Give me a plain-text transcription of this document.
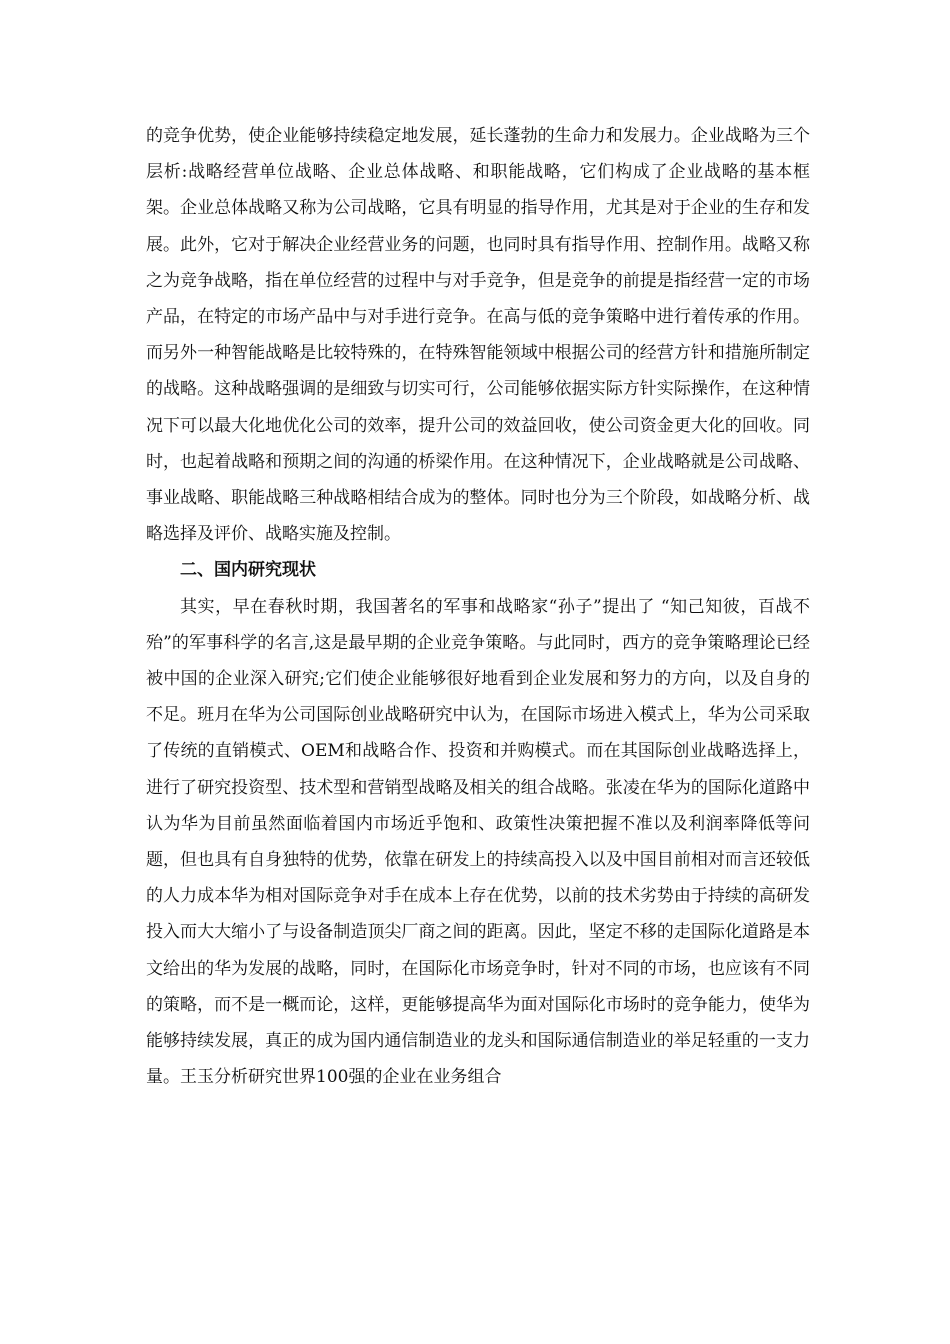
的竞争优势，使企业能够持续稳定地发展，延长蓬勃的生命力和发展力。企业战略为三个层析:战略经营单位战略、企业总体战略、和职能战略，它们构成了企业战略的基本框架。企业总体战略又称为公司战略，它具有明显的指导作用，尤其是对于企业的生存和发展。此外，它对于解决企业经营业务的问题，也同时具有指导作用、控制作用。战略又称之为竞争战略，指在单位经营的过程中与对手竞争，但是竞争的前提是指经营一定的市场产品，在特定的市场产品中与对手进行竞争。在高与低的竞争策略中进行着传承的作用。而另外一种智能战略是比较特殊的，在特殊智能领域中根据公司的经营方针和措施所制定的战略。这种战略强调的是细致与切实可行，公司能够依据实际方针实际操作，在这种情况下可以最大化地优化公司的效率，提升公司的效益回收，使公司资金更大化的回收。同时，也起着战略和预期之间的沟通的桥梁作用。在这种情况下，企业战略就是公司战略、事业战略、职能战略三种战略相结合成为的整体。同时也分为三个阶段，如战略分析、战略选择及评价、战略实施及控制。

二、国内研究现状

其实，早在春秋时期，我国著名的军事和战略家“孙子”提出了 “知己知彼，百战不殆”的军事科学的名言,这是最早期的企业竞争策略。与此同时，西方的竞争策略理论已经被中国的企业深入研究;它们使企业能够很好地看到企业发展和努力的方向，以及自身的不足。班月在华为公司国际创业战略研究中认为，在国际市场进入模式上，华为公司采取了传统的直销模式、OEM和战略合作、投资和并购模式。而在其国际创业战略选择上，进行了研究投资型、技术型和营销型战略及相关的组合战略。张凌在华为的国际化道路中认为华为目前虽然面临着国内市场近乎饱和、政策性决策把握不准以及利润率降低等问题，但也具有自身独特的优势，依靠在研发上的持续高投入以及中国目前相对而言还较低的人力成本华为相对国际竞争对手在成本上存在优势，以前的技术劣势由于持续的高研发投入而大大缩小了与设备制造顶尖厂商之间的距离。因此，坚定不移的走国际化道路是本文给出的华为发展的战略，同时，在国际化市场竞争时，针对不同的市场，也应该有不同的策略，而不是一概而论，这样，更能够提高华为面对国际化市场时的竞争能力，使华为能够持续发展，真正的成为国内通信制造业的龙头和国际通信制造业的举足轻重的一支力量。王玉分析研究世界100强的企业在业务组合
